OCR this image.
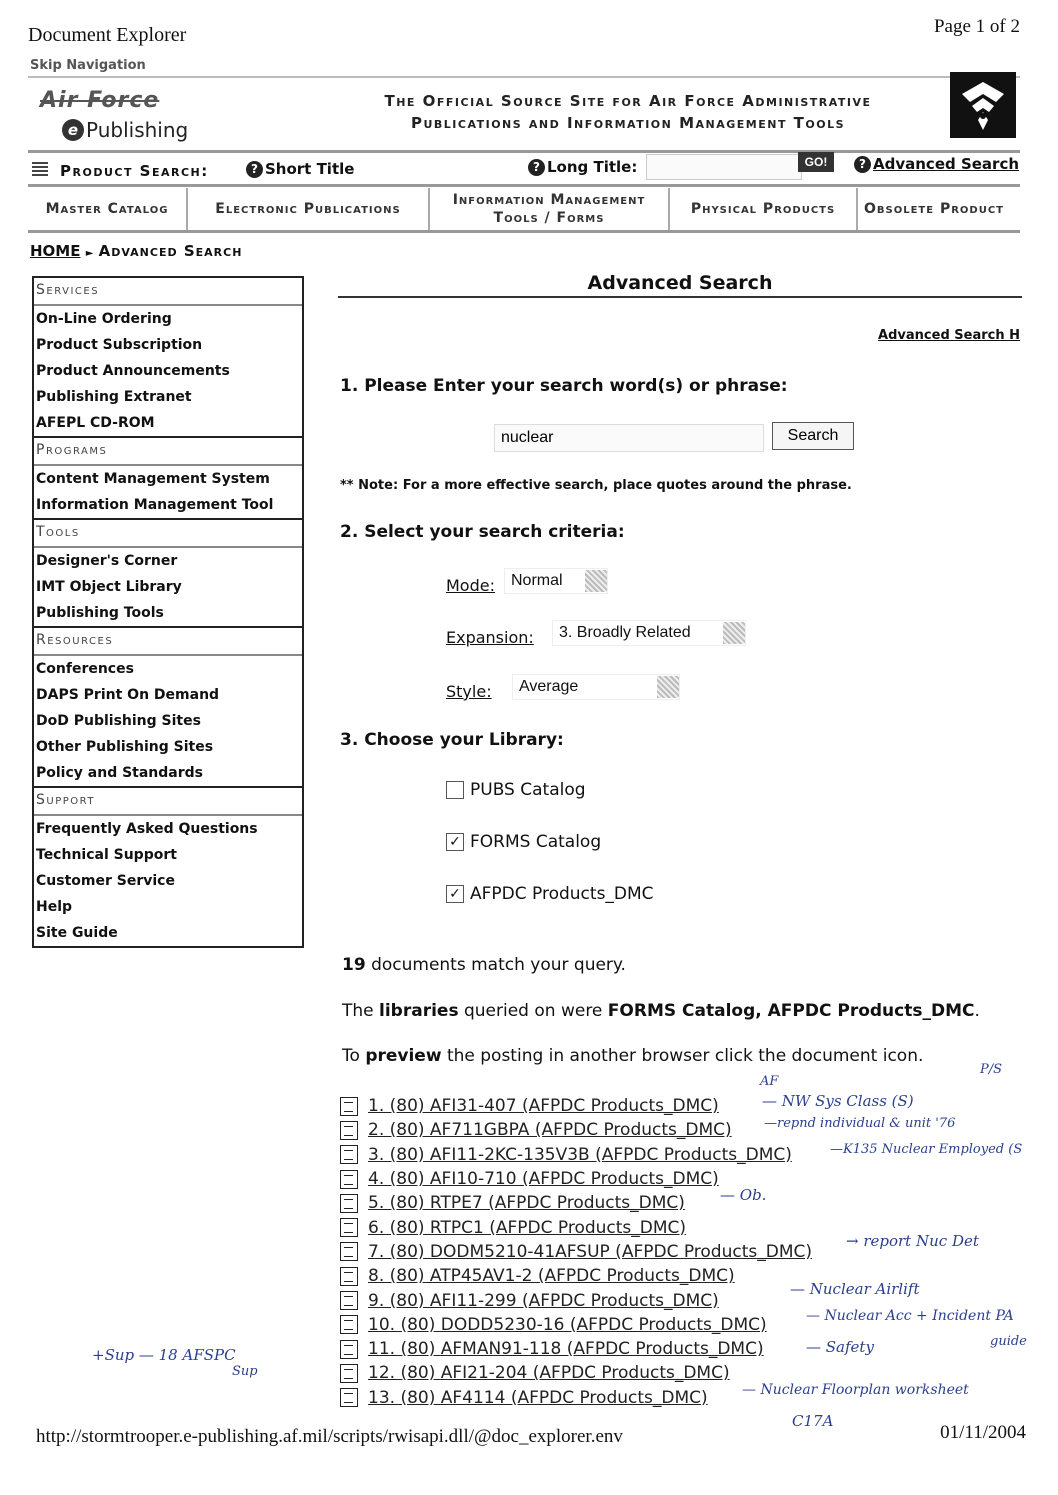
Document Explorer	Page 1 of 2
Skip Navigation
Air Force
e Publishing
The Official Source Site for Air Force Administrative
Publications and Information Management Tools
Product Search:	? Short Title	? Long Title:	GO!	? Advanced Search
Master Catalog	Electronic Publications
Information Management
Tools / Forms
Physical Products	Obsolete Product
HOME ► Advanced Search
Services
On-Line Ordering
Product Subscription
Product Announcements
Publishing Extranet
AFEPL CD-ROM
Programs
Content Management System
Information Management Tool
Tools
Designer's Corner
IMT Object Library
Publishing Tools
Resources
Conferences
DAPS Print On Demand
DoD Publishing Sites
Other Publishing Sites
Policy and Standards
Support
Frequently Asked Questions
Technical Support
Customer Service
Help
Site Guide
Advanced Search
Advanced Search H
1. Please Enter your search word(s) or phrase:
nuclear
Search
** Note: For a more effective search, place quotes around the phrase.
2. Select your search criteria:
Mode: Normal
Expansion: 3. Broadly Related
Style: Average
3. Choose your Library:
PUBS Catalog
✓ FORMS Catalog
✓ AFPDC Products_DMC
19 documents match your query.
The libraries queried on were FORMS Catalog, AFPDC Products_DMC.
To preview the posting in another browser click the document icon.
1. (80) AFI31-407 (AFPDC Products_DMC)
2. (80) AF711GBPA (AFPDC Products_DMC)
3. (80) AFI11-2KC-135V3B (AFPDC Products_DMC)
4. (80) AFI10-710 (AFPDC Products_DMC)
5. (80) RTPE7 (AFPDC Products_DMC)
6. (80) RTPC1 (AFPDC Products_DMC)
7. (80) DODM5210-41AFSUP (AFPDC Products_DMC)
8. (80) ATP45AV1-2 (AFPDC Products_DMC)
9. (80) AFI11-299 (AFPDC Products_DMC)
10. (80) DODD5230-16 (AFPDC Products_DMC)
11. (80) AFMAN91-118 (AFPDC Products_DMC)
12. (80) AFI21-204 (AFPDC Products_DMC)
13. (80) AF4114 (AFPDC Products_DMC)
AF
P/S
— NW Sys Class (S)
—repnd individual & unit '76
—K135 Nuclear Employed (S
— Ob.
→ report Nuc Det
— Nuclear Airlift
— Nuclear Acc + Incident PA
guide
— Safety
+Sup — 18 AFSPC
Sup
— Nuclear Floorplan worksheet
C17A
http://stormtrooper.e-publishing.af.mil/scripts/rwisapi.dll/@doc_explorer.env	01/11/2004
